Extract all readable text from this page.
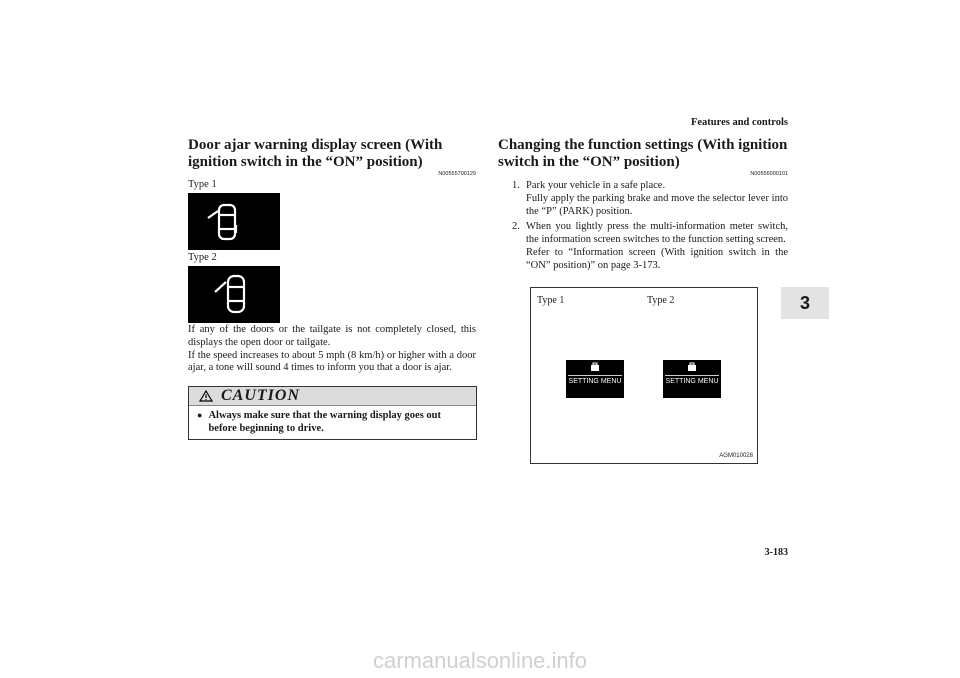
Features and controls
3
Door ajar warning display screen (With ignition switch in the “ON” position)
N00555700129

Type 1

Type 2

If any of the doors or the tailgate is not completely closed, this displays the open door or tailgate.

If the speed increases to about 5 mph (8 km/h) or higher with a door ajar, a tone will sound 4 times to inform you that a door is ajar.

CAUTION
● Always make sure that the warning display goes out before beginning to drive.
Changing the function settings (With ignition switch in the “ON” position)
N00556000101
1. Park your vehicle in a safe place.
Fully apply the parking brake and move the selector lever into the “P” (PARK) position.
2. When you lightly press the multi-information meter switch, the information screen switches to the function setting screen.
Refer to “Information screen (With ignition switch in the “ON” position)” on page 3-173.
Type 1	Type 2
SETTING MENU	SETTING MENU
AGM010028
3-183
carmanualsonline.info
